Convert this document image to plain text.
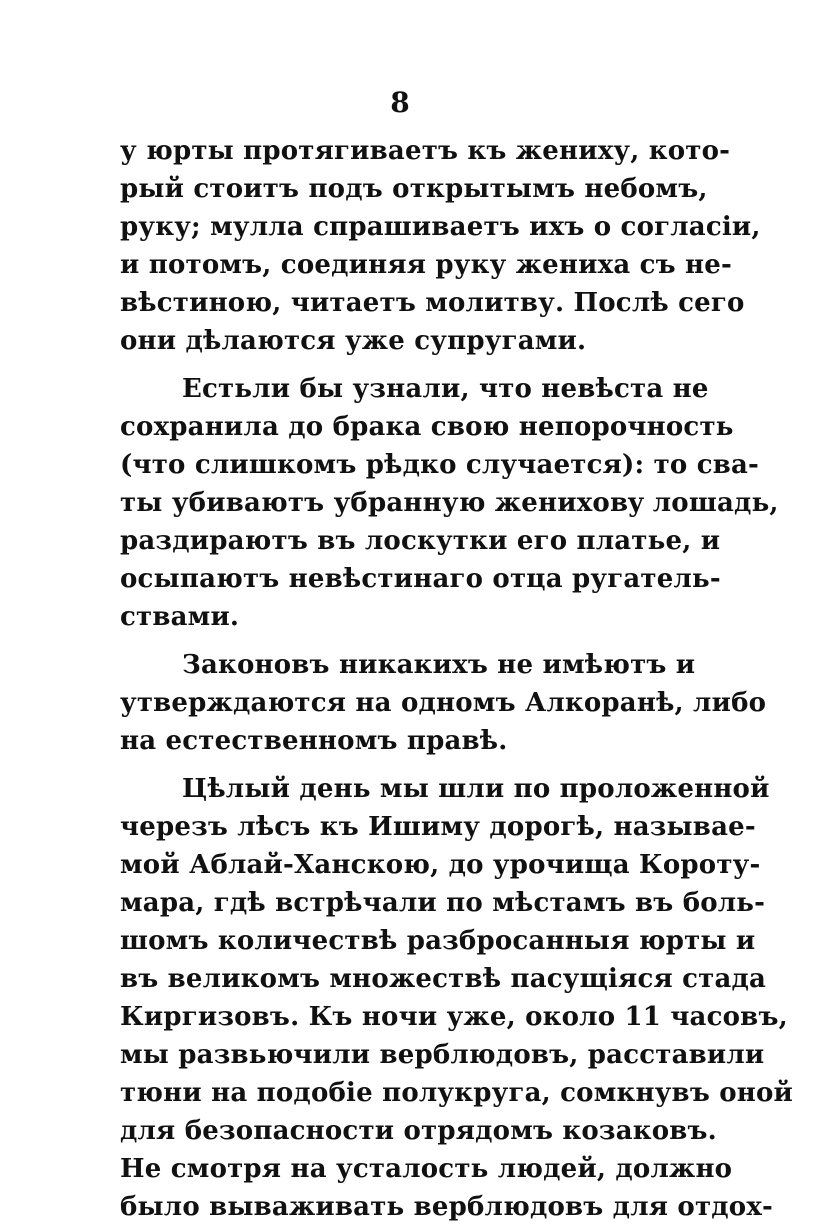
8
у юрты протягиваетъ къ жениху, кото-
рый стоитъ подъ открытымъ небомъ,
руку; мулла спрашиваетъ ихъ о согласіи,
и потомъ, соединяя руку жениха съ не-
вѣстиною, читаетъ молитву. Послѣ сего
они дѣлаются уже супругами.
Естьли бы узнали, что невѣста не
сохранила до брака свою непорочность
(что слишкомъ рѣдко случается): то сва-
ты убиваютъ убранную жениховy лошадь,
раздираютъ въ лоскутки его платье, и
осыпаютъ невѣстинаго отца ругатель-
ствами.
Законовъ никакихъ не имѣютъ и
утверждаются на одномъ Алкоранѣ, либо
на естественномъ правѣ.
Цѣлый день мы шли по проложенной
черезъ лѣсъ къ Ишиму дорогѣ, называе-
мой Аблай-Ханскою, до урочища Кoрoту-
мара, гдѣ встрѣчали по мѣстамъ въ боль-
шомъ количествѣ разбросанныя юрты и
въ великомъ множествѣ пасущіяся стада
Киргизовъ. Къ ночи уже, около 11 часовъ,
мы развьючили верблюдовъ, расставили
тюни на подобіе полукруга, сомкнувъ оной
для безопасности отрядомъ козаковъ.
Не смотря на усталость людей, должно
было вываживать верблюдовъ для отдох-
